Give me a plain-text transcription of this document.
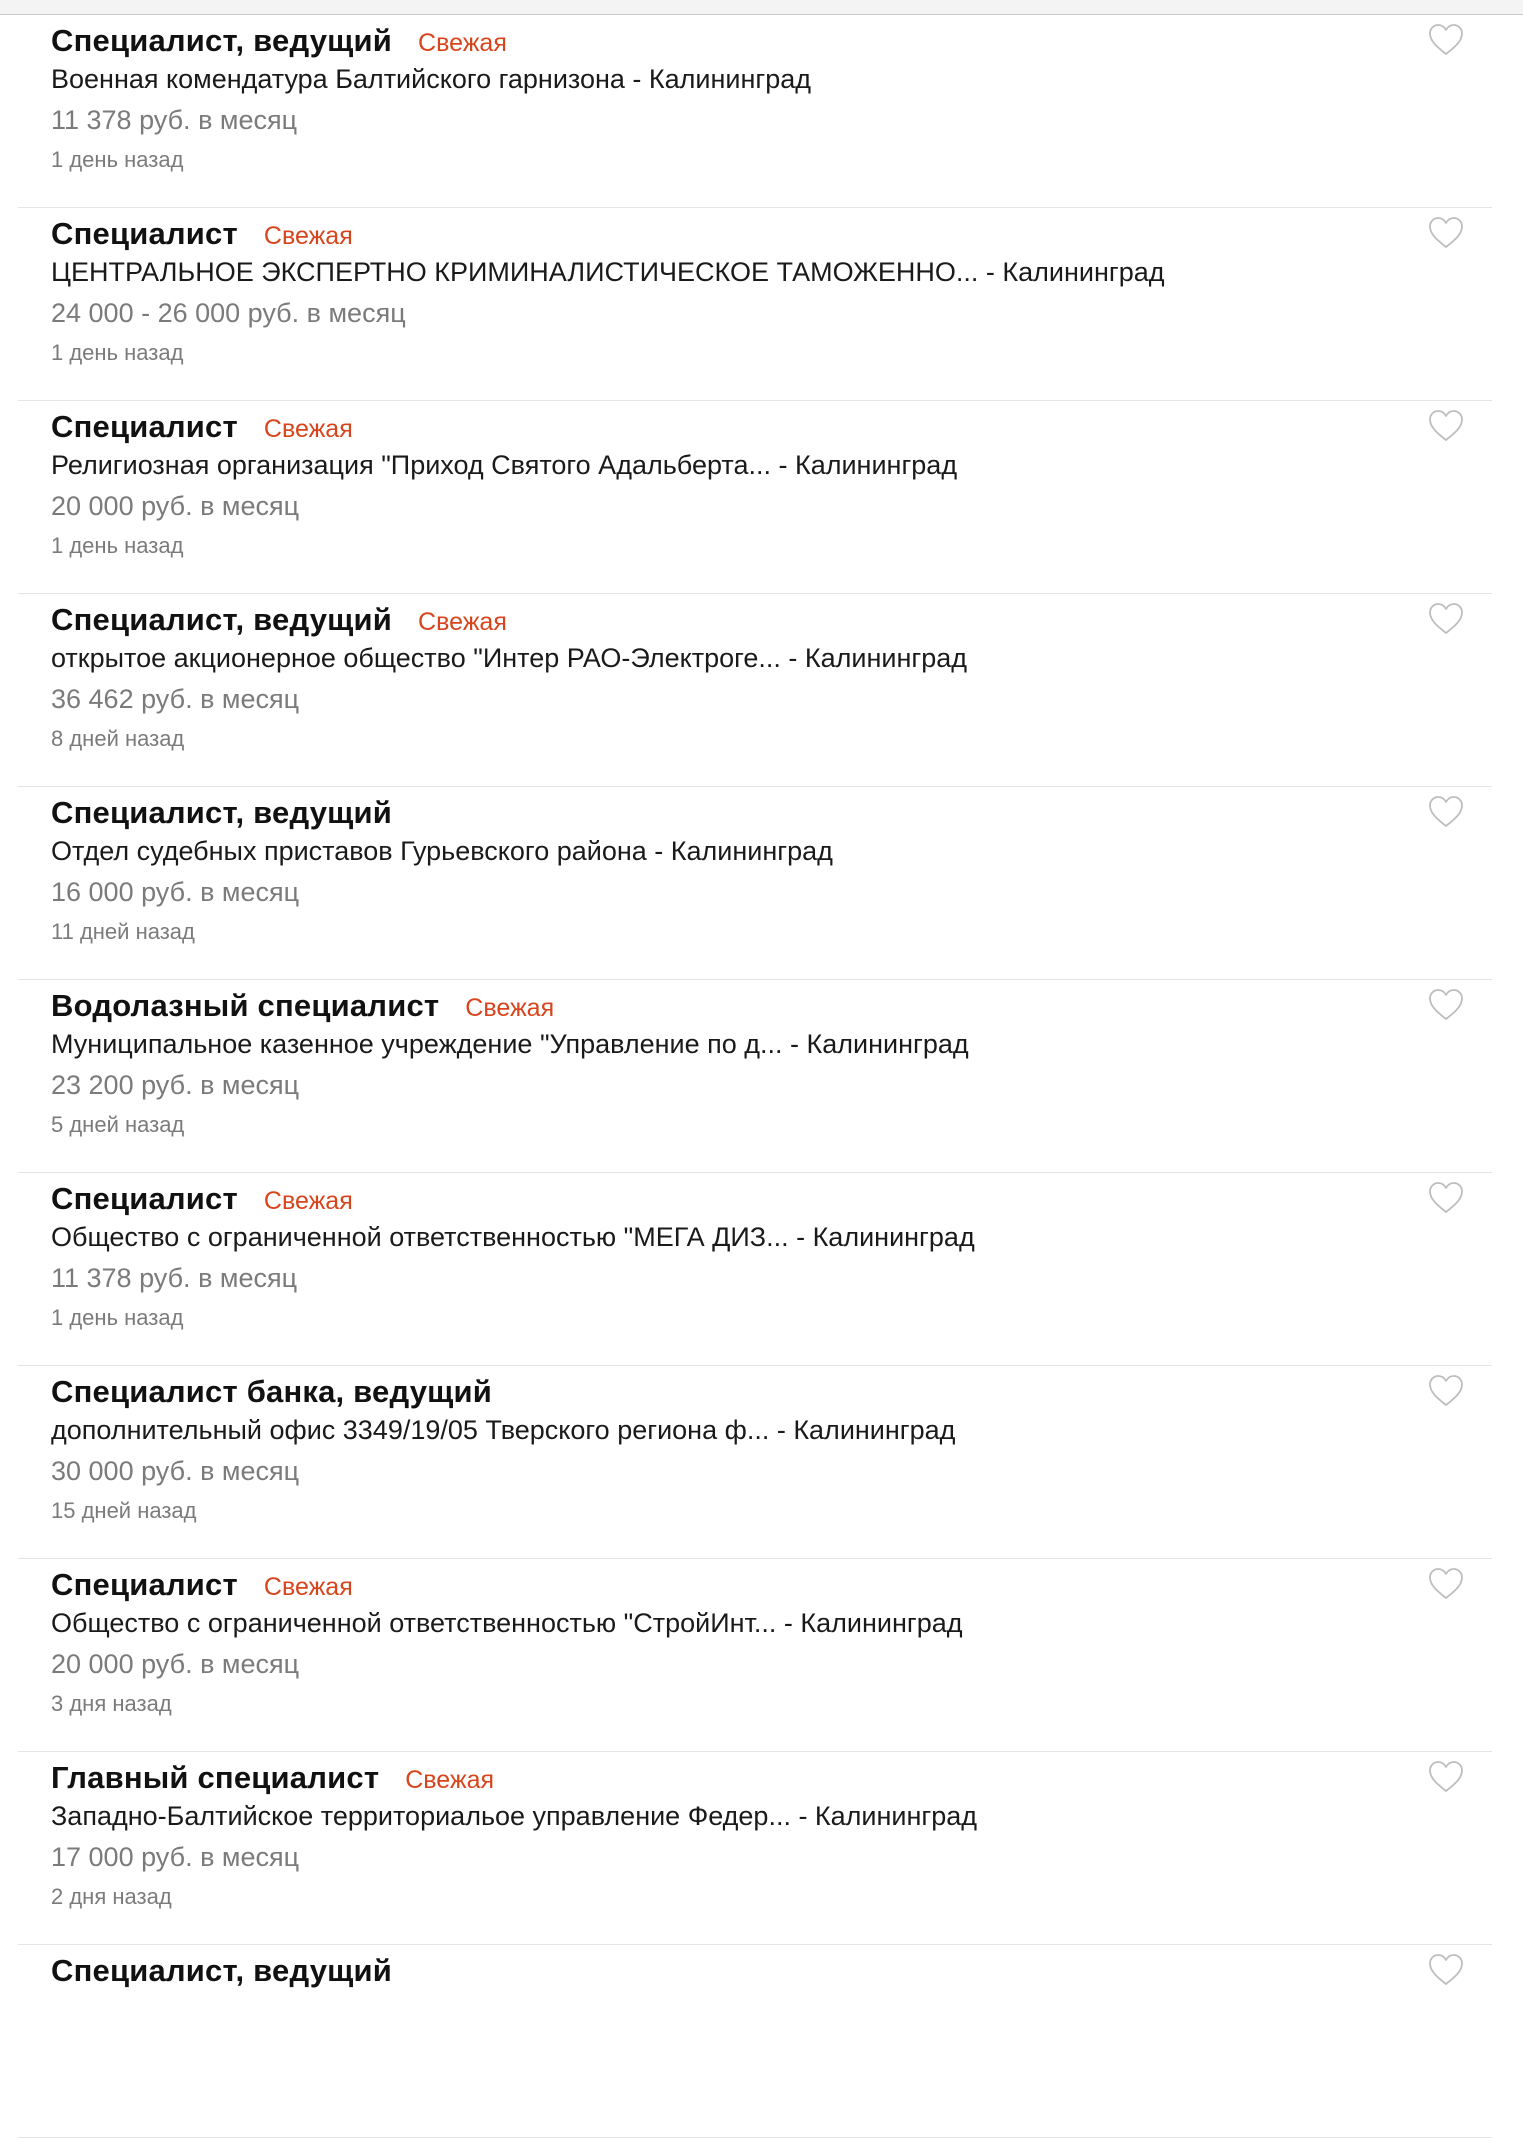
Специалист, ведущий Свежая
Военная комендатура Балтийского гарнизона - Калининград
11 378 руб. в месяц
1 день назад
Специалист Свежая
ЦЕНТРАЛЬНОЕ ЭКСПЕРТНО КРИМИНАЛИСТИЧЕСКОЕ ТАМОЖЕННО... - Калининград
24 000 - 26 000 руб. в месяц
1 день назад
Специалист Свежая
Религиозная организация "Приход Святого Адальберта... - Калининград
20 000 руб. в месяц
1 день назад
Специалист, ведущий Свежая
открытое акционерное общество "Интер РАО-Электроге... - Калининград
36 462 руб. в месяц
8 дней назад
Специалист, ведущий
Отдел судебных приставов Гурьевского района - Калининград
16 000 руб. в месяц
11 дней назад
Водолазный специалист Свежая
Муниципальное казенное учреждение "Управление по д... - Калининград
23 200 руб. в месяц
5 дней назад
Специалист Свежая
Общество с ограниченной ответственностью "МЕГА ДИЗ... - Калининград
11 378 руб. в месяц
1 день назад
Специалист банка, ведущий
дополнительный офис 3349/19/05 Тверского региона ф... - Калининград
30 000 руб. в месяц
15 дней назад
Специалист Свежая
Общество с ограниченной ответственностью "СтройИнт... - Калининград
20 000 руб. в месяц
3 дня назад
Главный специалист Свежая
Западно-Балтийское территориальое управление Федер... - Калининград
17 000 руб. в месяц
2 дня назад
Специалист, ведущий
